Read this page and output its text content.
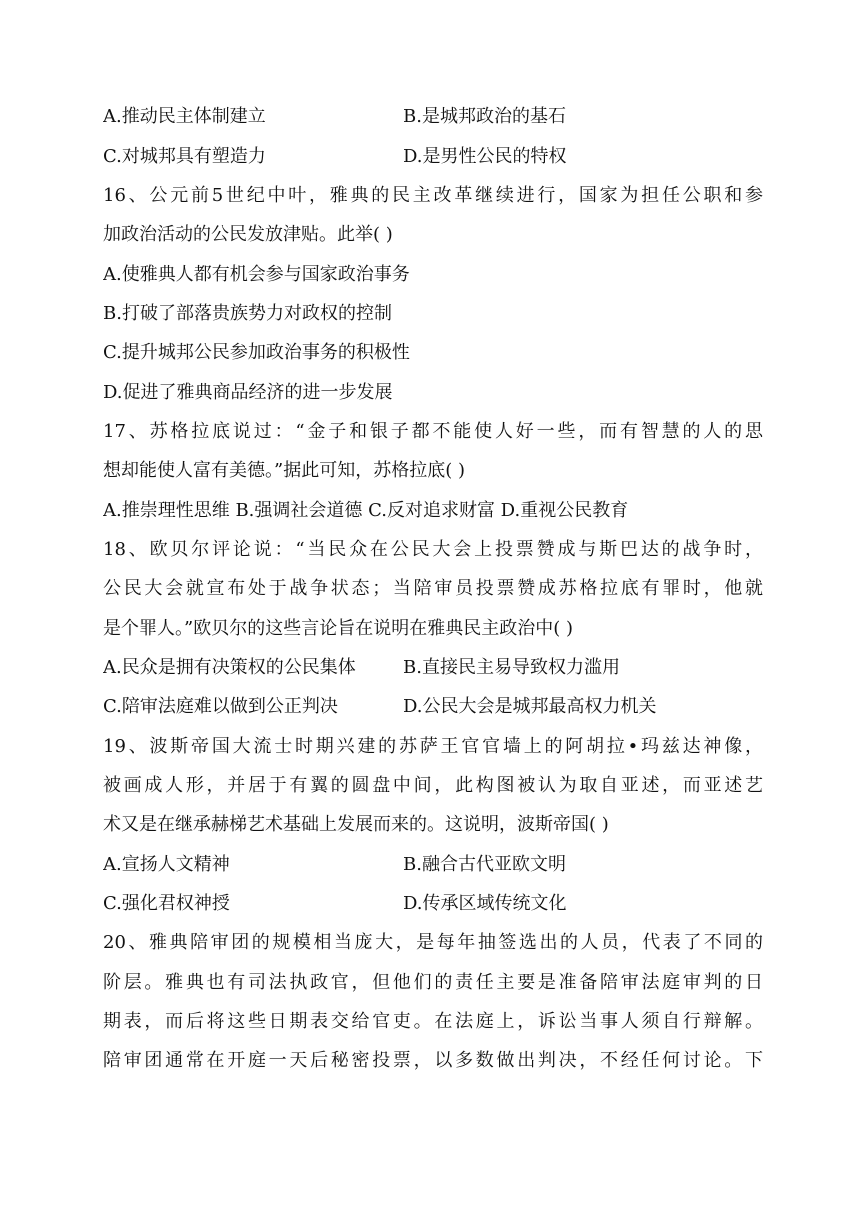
A.推动民主体制建立	B.是城邦政治的基石
C.对城邦具有塑造力	D.是男性公民的特权
16、公元前5世纪中叶，雅典的民主改革继续进行，国家为担任公职和参
加政治活动的公民发放津贴。此举( )
A.使雅典人都有机会参与国家政治事务
B.打破了部落贵族势力对政权的控制
C.提升城邦公民参加政治事务的积极性
D.促进了雅典商品经济的进一步发展
17、苏格拉底说过：“金子和银子都不能使人好一些，而有智慧的人的思
想却能使人富有美德。”据此可知，苏格拉底( )
A.推崇理性思维 B.强调社会道德 C.反对追求财富 D.重视公民教育
18、欧贝尔评论说：“当民众在公民大会上投票赞成与斯巴达的战争时，
公民大会就宣布处于战争状态；当陪审员投票赞成苏格拉底有罪时，他就
是个罪人。”欧贝尔的这些言论旨在说明在雅典民主政治中( )
A.民众是拥有决策权的公民集体	B.直接民主易导致权力滥用
C.陪审法庭难以做到公正判决	D.公民大会是城邦最高权力机关
19、波斯帝国大流士时期兴建的苏萨王官官墙上的阿胡拉•玛兹达神像，
被画成人形，并居于有翼的圆盘中间，此构图被认为取自亚述，而亚述艺
术又是在继承赫梯艺术基础上发展而来的。这说明，波斯帝国( )
A.宣扬人文精神	B.融合古代亚欧文明
C.强化君权神授	D.传承区域传统文化
20、雅典陪审团的规模相当庞大，是每年抽签选出的人员，代表了不同的
阶层。雅典也有司法执政官，但他们的责任主要是准备陪审法庭审判的日
期表，而后将这些日期表交给官吏。在法庭上，诉讼当事人须自行辩解。
陪审团通常在开庭一天后秘密投票，以多数做出判决，不经任何讨论。下
